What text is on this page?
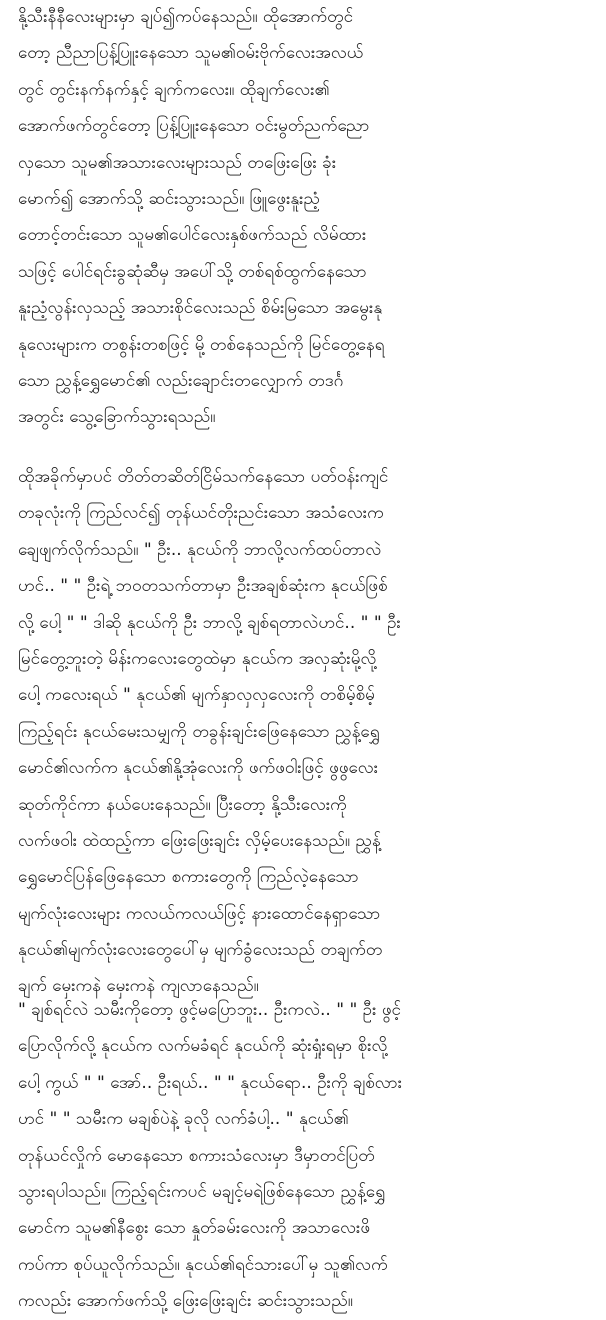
နို့သီးနီနီလေးများမှာ ချပ်၍ကပ်နေသည်။ ထိုအောက်တွင်
တော့ ညီညာပြန့်ပြူးနေသော သူမ၏ဝမ်းဗိုက်လေးအလယ်
တွင် တွင်းနက်နက်နှင့် ချက်ကလေး။ ထိုချက်လေး၏
အောက်ဖက်တွင်တော့ ပြန့်ပြူးနေသော ဝင်းမွတ်ညက်ညော
လှသော သူမ၏အသားလေးများသည် တဖြေးဖြေး ခုံး
မောက်၍ အောက်သို့ ဆင်းသွားသည်။ ဖြူဖွေးနူးညံ့
တောင့်တင်းသော သူမ၏ပေါင်လေးနှစ်ဖက်သည် လိမ်ထား
သဖြင့် ပေါင်ရင်းခွဆုံဆီမှ အပေါ်သို့ တစ်ရစ်ထွက်နေသော
နူးညံ့လွန်းလှသည့် အသားစိုင်လေးသည် စိမ်းမြသော အမွေးနု
နုလေးများက တစွန်းတစဖြင့် မို့ တစ်နေသည်ကို မြင်တွေ့နေရ
သော ညွှန့်ရွှေမောင်၏ လည်းချောင်းတလျှောက် တဒင်္ဂ
အတွင်း သွေ့ခြောက်သွားရသည်။
ထိုအခိုက်မှာပင် တိတ်တဆိတ်ငြိမ်သက်နေသော ပတ်ဝန်းကျင်
တခုလုံးကို ကြည်လင်၍ တုန်ယင်တိုးညင်းသော အသံလေးက
ချေဖျက်လိုက်သည်။ " ဦး.. နုငယ်ကို ဘာလို့လက်ထပ်တာလဲ
ဟင်.. " " ဦးရဲ့ ဘဝတသက်တာမှာ ဦးအချစ်ဆုံးက နုငယ်ဖြစ်
လို့ ပေါ့ " " ဒါဆို နုငယ်ကို ဦး ဘာလို့ ချစ်ရတာလဲဟင်.. " " ဦး
မြင်တွေ့ဘူးတဲ့ မိန်းကလေးတွေထဲမှာ နုငယ်က အလှဆုံးမို့လို့
ပေါ့ ကလေးရယ် " နုငယ်၏ မျက်နှာလှလှလေးကို တစိမ့်စိမ့်
ကြည့်ရင်း နုငယ်မေးသမျှကို တခွန်းချင်းဖြေနေသော ညွှန့်ရွှေ
မောင်၏လက်က နုငယ်၏နို့အုံလေးကို ဖက်ဖဝါးဖြင့် ဖွဖွလေး
ဆုတ်ကိုင်ကာ နယ်ပေးနေသည်။ ပြီးတော့ နို့သီးလေးကို
လက်ဖဝါး ထဲထည့်ကာ ဖြေးဖြေးချင်း လှိမ့်ပေးနေသည်။ ညွှန့်
ရွှေမောင်ပြန်ဖြေနေသော စကားတွေကို ကြည်လဲ့နေသော
မျက်လုံးလေးများ ကလယ်ကလယ်ဖြင့် နားထောင်နေရှာသော
နုငယ်၏မျက်လုံးလေးတွေပေါ်မှ မျက်ခွံလေးသည် တချက်တ
ချက် မှေးကနဲ မှေးကနဲ ကျလာနေသည်။
" ချစ်ရင်လဲ သမီးကိုတော့ ဖွင့်မပြောဘူး.. ဦးကလဲ.. " " ဦး ဖွင့်
ပြောလိုက်လို့ နုငယ်က လက်မခံရင် နုငယ်ကို ဆုံးရှုံးရမှာ စိုးလို့
ပေါ့ ကွယ် " " အော်.. ဦးရယ်.. " " နုငယ်ရော.. ဦးကို ချစ်လား
ဟင် " " သမီးက မချစ်ပဲနဲ့ ခုလို လက်ခံပါ့.. " နုငယ်၏
တုန်ယင်လှိုက် မောနေသော စကားသံလေးမှာ ဒီမှာတင်ပြတ်
သွားရပါသည်။ ကြည့်ရင်းကပင် မချင့်မရဲဖြစ်နေသော ညွှန့်ရွှေ
မောင်က သူမ၏နီစွေး သော နှုတ်ခမ်းလေးကို အသာလေးဖိ
ကပ်ကာ စုပ်ယူလိုက်သည်။ နုငယ်၏ရင်သားပေါ်မှ သူ၏လက်
ကလည်း အောက်ဖက်သို့ ဖြေးဖြေးချင်း ဆင်းသွားသည်။
